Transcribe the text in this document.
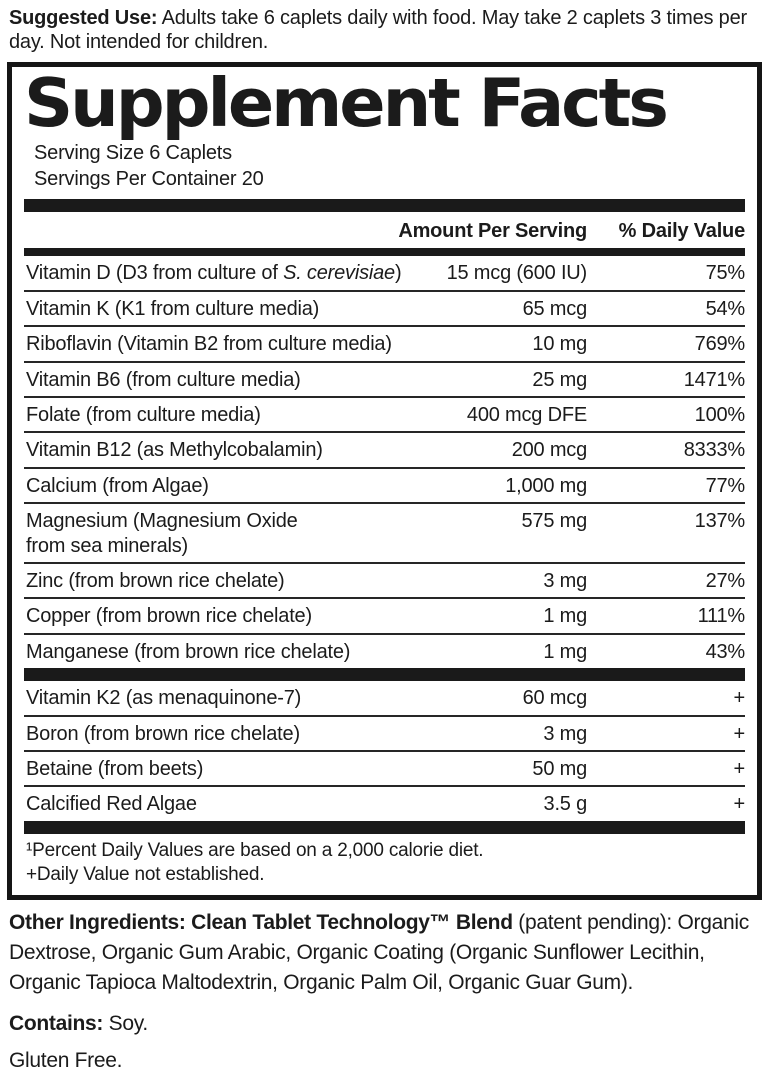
Suggested Use: Adults take 6 caplets daily with food. May take 2 caplets 3 times per day. Not intended for children.
Supplement Facts
Serving Size 6 Caplets
Servings Per Container 20
Amount Per Serving	% Daily Value
Vitamin D (D3 from culture of S. cerevisiae)	15 mcg (600 IU)	75%
Vitamin K (K1 from culture media)	65 mcg	54%
Riboflavin (Vitamin B2 from culture media)	10 mg	769%
Vitamin B6 (from culture media)	25 mg	1471%
Folate (from culture media)	400 mcg DFE	100%
Vitamin B12 (as Methylcobalamin)	200 mcg	8333%
Calcium (from Algae)	1,000 mg	77%
Magnesium (Magnesium Oxide
from sea minerals)
575 mg	137%
Zinc (from brown rice chelate)	3 mg	27%
Copper (from brown rice chelate)	1 mg	111%
Manganese (from brown rice chelate)	1 mg	43%
Vitamin K2 (as menaquinone-7)	60 mcg	+
Boron (from brown rice chelate)	3 mg	+
Betaine (from beets)	50 mg	+
Calcified Red Algae	3.5 g	+
¹Percent Daily Values are based on a 2,000 calorie diet.
+Daily Value not established.
Other Ingredients: Clean Tablet Technology™ Blend (patent pending): Organic Dextrose, Organic Gum Arabic, Organic Coating (Organic Sunflower Lecithin, Organic Tapioca Maltodextrin, Organic Palm Oil, Organic Guar Gum).
Contains: Soy.
Gluten Free.
